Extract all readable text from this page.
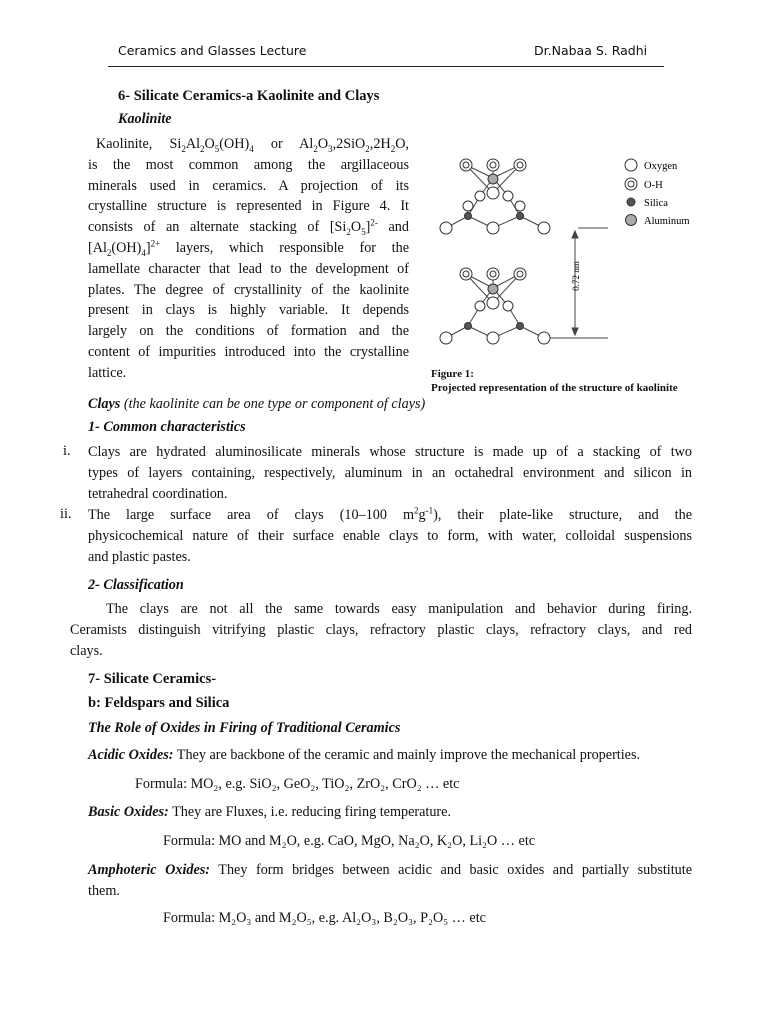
Ceramics and Glasses Lecture	Dr.Nabaa S. Radhi
6- Silicate Ceramics-a Kaolinite and Clays
Kaolinite
Kaolinite, $Si_2Al_2O_5(OH)_4$ or $Al_2O_3,2SiO_2,2H_2O$,
is the most common among the argillaceous
minerals used in ceramics. A projection of its
crystalline structure is represented in Figure 4. It
consists of an alternate stacking of $[Si_2O_5]^{2-}$ and
$[Al_2(OH)_4]^{2+}$ layers, which responsible for the
lamellate character that lead to the development of
plates. The degree of crystallinity of the kaolinite
present in clays is highly variable. It depends
largely on the conditions of formation and the
content of impurities introduced into the crystalline
lattice.
0.72 nm
Oxygen
O-H
Silica
Aluminum
Figure 1:
Projected representation of the structure of kaolinite
Clays (the kaolinite can be one type or component of clays)
1- Common characteristics
i. Clays are hydrated aluminosilicate minerals whose structure is made up of a stacking of two
types of layers containing, respectively, aluminum in an octahedral environment and silicon in
tetrahedral coordination.
ii. The large surface area of clays (10–100 $m^2g^{-1}$), their plate-like structure, and the
physicochemical nature of their surface enable clays to form, with water, colloidal suspensions
and plastic pastes.
2- Classification
The clays are not all the same towards easy manipulation and behavior during firing.
Ceramists distinguish vitrifying plastic clays, refractory plastic clays, refractory clays, and red
clays.
7- Silicate Ceramics-
b: Feldspars and Silica
The Role of Oxides in Firing of Traditional Ceramics
Acidic Oxides: They are backbone of the ceramic and mainly improve the mechanical properties.
Formula: MO₂, e.g. SiO₂, GeO₂, TiO₂, ZrO₂, CrO₂ … etc
Basic Oxides: They are Fluxes, i.e. reducing firing temperature.
Formula: MO and M₂O, e.g. CaO, MgO, Na₂O, K₂O, Li₂O … etc
Amphoteric Oxides: They form bridges between acidic and basic oxides and partially substitute
them.
Formula: M₂O₃ and M₂O₅, e.g. Al₂O₃, B₂O₃, P₂O₅ … etc
